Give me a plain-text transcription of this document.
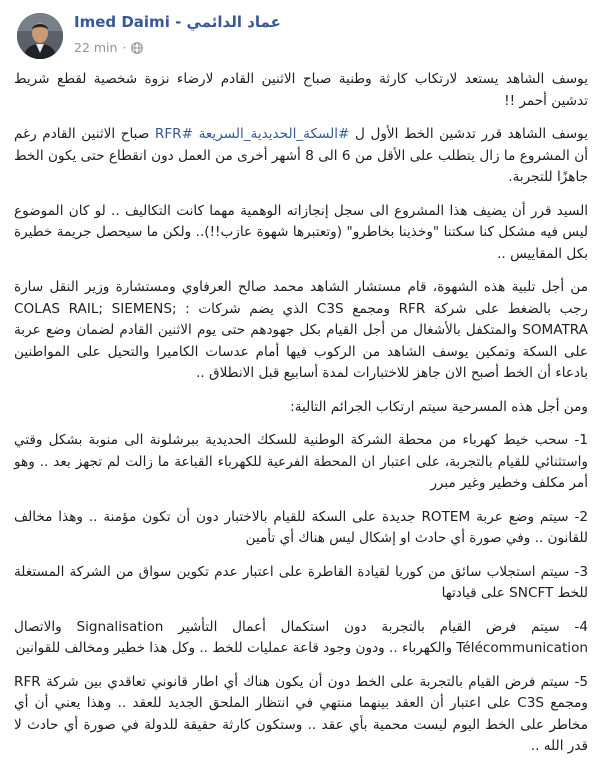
Imed Daimi - عماد الدائمي
22 min ·

يوسف الشاهد يستعد لارتكاب كارثة وطنية صباح الاثنين القادم لارضاء نزوة شخصية لقطع شريط تدشين أحمر !!

يوسف الشاهد قرر تدشين الخط الأول ل #السكة_الحديدية_السريعة #RFR صباح الاثنين القادم رغم أن المشروع ما زال يتطلب على الأقل من 6 الى 8 أشهر أخرى من العمل دون انقطاع حتى يكون الخط جاهزًا للتجربة.

السيد قرر أن يضيف هذا المشروع الى سجل إنجازاته الوهمية مهما كانت التكاليف .. لو كان الموضوع ليس فيه مشكل كنا سكتنا "وخذينا بخاطرو" (وتعتبرها شهوة عازب!!).. ولكن ما سيحصل جريمة خطيرة بكل المقاييس ..

من أجل تلبية هذه الشهوة، قام مستشار الشاهد محمد صالح العرفاوي ومستشارة وزير النقل سارة رجب بالضغط على شركة RFR ومجمع C3S الذي يضم شركات : COLAS RAIL; SIEMENS; SOMATRA والمتكفل بالأشغال من أجل القيام بكل جهودهم حتى يوم الاثنين القادم لضمان وضع عربة على السكة وتمكين يوسف الشاهد من الركوب فيها أمام عدسات الكاميرا والتحيل على المواطنين بادعاء أن الخط أصبح الان جاهز للاختبارات لمدة أسابيع قبل الانطلاق ..

ومن أجل هذه المسرحية سيتم ارتكاب الجرائم التالية:

1- سحب خيط كهرباء من محطة الشركة الوطنية للسكك الحديدية ببرشلونة الى منوبة بشكل وقتي واستثنائي للقيام بالتجربة، على اعتبار ان المحطة الفرعية للكهرباء القباعة ما زالت لم تجهز بعد .. وهو أمر مكلف وخطير وغير مبرر

2- سيتم وضع عربة ROTEM جديدة على السكة للقيام بالاختبار دون أن تكون مؤمنة .. وهذا مخالف للقانون .. وفي صورة أي حادث او إشكال ليس هناك أي تأمين

3- سيتم استجلاب سائق من كوريا لقيادة القاطرة على اعتبار عدم تكوين سواق من الشركة المستغلة للخط SNCFT على قيادتها

4- سيتم فرض القيام بالتجربة دون استكمال أعمال التأشير Signalisation والاتصال Télécommunication والكهرباء .. ودون وجود قاعة عمليات للخط .. وكل هذا خطير ومخالف للقوانين

5- سيتم فرض القيام بالتجربة على الخط دون أن يكون هناك أي اطار قانوني تعاقدي بين شركة RFR ومجمع C3S على اعتبار أن العقد بينهما منتهي في انتظار الملحق الجديد للعقد .. وهذا يعني أن أي مخاطر على الخط اليوم ليست محمية بأي عقد .. وستكون كارثة حقيقة للدولة في صورة أي حادث لا قدر الله ..
